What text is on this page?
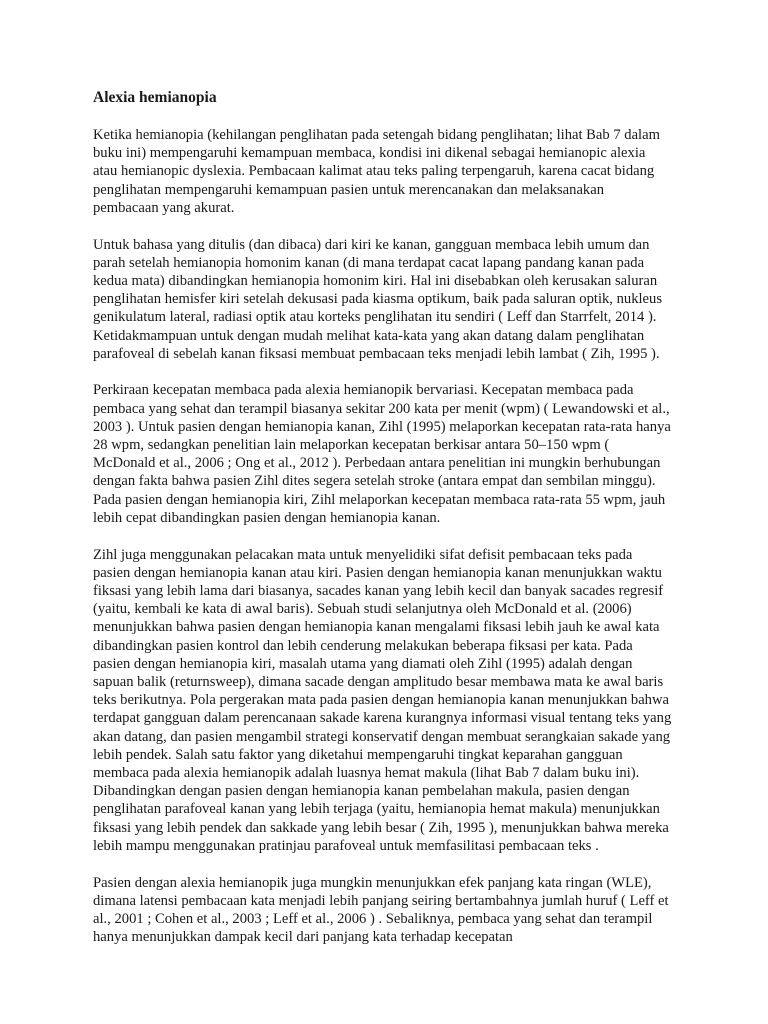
Alexia hemianopia

Ketika hemianopia (kehilangan penglihatan pada setengah bidang penglihatan; lihat Bab 7 dalam buku ini) mempengaruhi kemampuan membaca, kondisi ini dikenal sebagai hemianopic alexia atau hemianopic dyslexia. Pembacaan kalimat atau teks paling terpengaruh, karena cacat bidang penglihatan mempengaruhi kemampuan pasien untuk merencanakan dan melaksanakan pembacaan yang akurat.

Untuk bahasa yang ditulis (dan dibaca) dari kiri ke kanan, gangguan membaca lebih umum dan parah setelah hemianopia homonim kanan (di mana terdapat cacat lapang pandang kanan pada kedua mata) dibandingkan hemianopia homonim kiri. Hal ini disebabkan oleh kerusakan saluran penglihatan hemisfer kiri setelah dekusasi pada kiasma optikum, baik pada saluran optik, nukleus genikulatum lateral, radiasi optik atau korteks penglihatan itu sendiri ( Leff dan Starrfelt, 2014 ). Ketidakmampuan untuk dengan mudah melihat kata-kata yang akan datang dalam penglihatan parafoveal di sebelah kanan fiksasi membuat pembacaan teks menjadi lebih lambat ( Zih, 1995 ).

Perkiraan kecepatan membaca pada alexia hemianopik bervariasi. Kecepatan membaca pada pembaca yang sehat dan terampil biasanya sekitar 200 kata per menit (wpm) ( Lewandowski et al., 2003 ). Untuk pasien dengan hemianopia kanan, Zihl (1995) melaporkan kecepatan rata-rata hanya 28 wpm, sedangkan penelitian lain melaporkan kecepatan berkisar antara 50–150 wpm ( McDonald et al., 2006 ; Ong et al., 2012 ). Perbedaan antara penelitian ini mungkin berhubungan dengan fakta bahwa pasien Zihl dites segera setelah stroke (antara empat dan sembilan minggu). Pada pasien dengan hemianopia kiri, Zihl melaporkan kecepatan membaca rata-rata 55 wpm, jauh lebih cepat dibandingkan pasien dengan hemianopia kanan.

Zihl juga menggunakan pelacakan mata untuk menyelidiki sifat defisit pembacaan teks pada pasien dengan hemianopia kanan atau kiri. Pasien dengan hemianopia kanan menunjukkan waktu fiksasi yang lebih lama dari biasanya, sacades kanan yang lebih kecil dan banyak sacades regresif (yaitu, kembali ke kata di awal baris). Sebuah studi selanjutnya oleh McDonald et al. (2006) menunjukkan bahwa pasien dengan hemianopia kanan mengalami fiksasi lebih jauh ke awal kata dibandingkan pasien kontrol dan lebih cenderung melakukan beberapa fiksasi per kata. Pada pasien dengan hemianopia kiri, masalah utama yang diamati oleh Zihl (1995) adalah dengan sapuan balik (returnsweep), dimana sacade dengan amplitudo besar membawa mata ke awal baris teks berikutnya. Pola pergerakan mata pada pasien dengan hemianopia kanan menunjukkan bahwa terdapat gangguan dalam perencanaan sakade karena kurangnya informasi visual tentang teks yang akan datang, dan pasien mengambil strategi konservatif dengan membuat serangkaian sakade yang lebih pendek. Salah satu faktor yang diketahui mempengaruhi tingkat keparahan gangguan membaca pada alexia hemianopik adalah luasnya hemat makula (lihat Bab 7 dalam buku ini). Dibandingkan dengan pasien dengan hemianopia kanan pembelahan makula, pasien dengan penglihatan parafoveal kanan yang lebih terjaga (yaitu, hemianopia hemat makula) menunjukkan fiksasi yang lebih pendek dan sakkade yang lebih besar ( Zih, 1995 ), menunjukkan bahwa mereka lebih mampu menggunakan pratinjau parafoveal untuk memfasilitasi pembacaan teks .

Pasien dengan alexia hemianopik juga mungkin menunjukkan efek panjang kata ringan (WLE), dimana latensi pembacaan kata menjadi lebih panjang seiring bertambahnya jumlah huruf ( Leff et al., 2001 ; Cohen et al., 2003 ; Leff et al., 2006 ) . Sebaliknya, pembaca yang sehat dan terampil hanya menunjukkan dampak kecil dari panjang kata terhadap kecepatan
